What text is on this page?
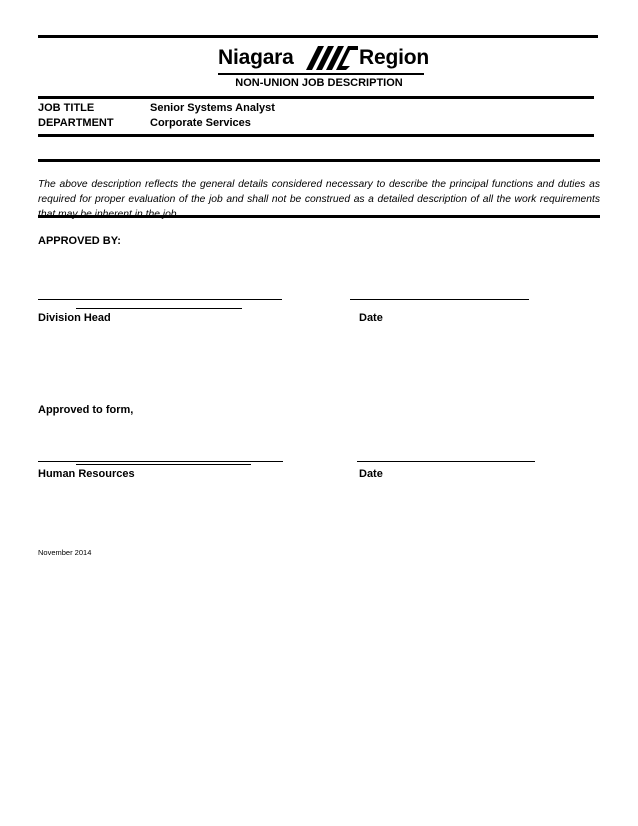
Niagara	Region
NON-UNION JOB DESCRIPTION
JOB TITLE	Senior Systems Analyst
DEPARTMENT	Corporate Services
The above description reflects the general details considered necessary to describe the principal functions and duties as required for proper evaluation of the job and shall not be construed as a detailed description of all the work requirements
APPROVED BY:
Division Head	Date
Approved to form,
Human Resources	Date
November 2014
